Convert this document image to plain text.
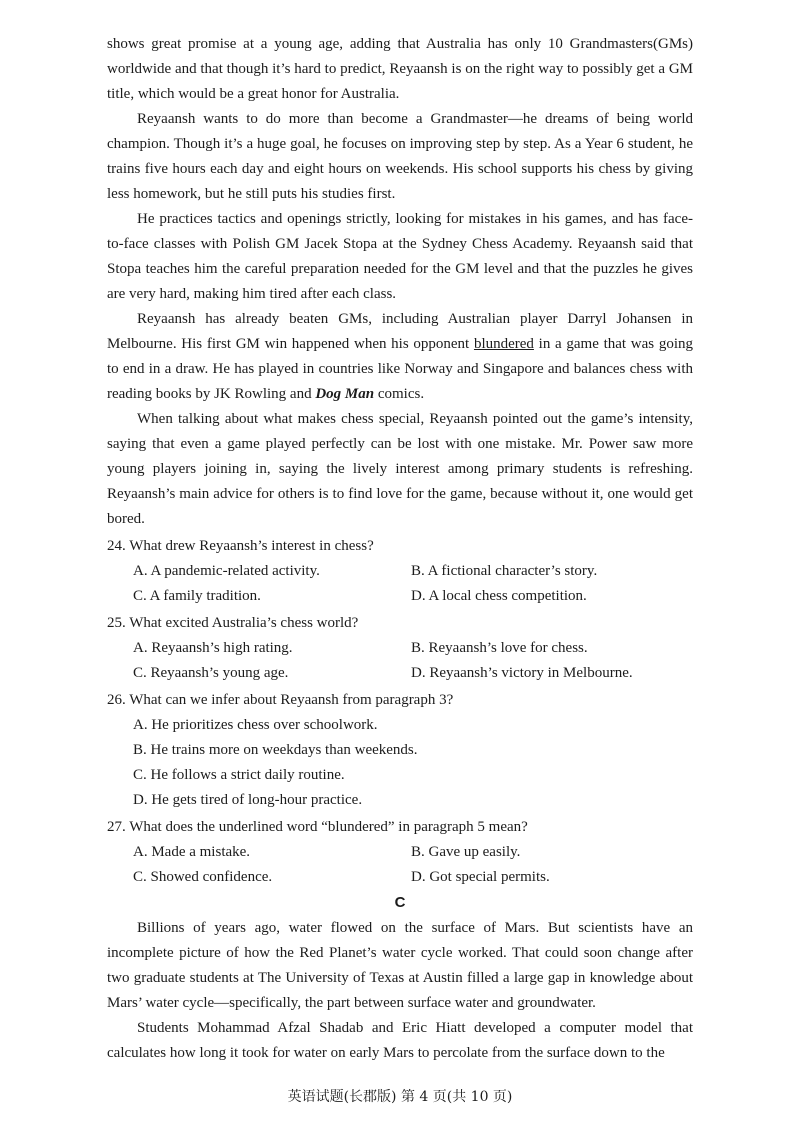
shows great promise at a young age, adding that Australia has only 10 Grandmasters(GMs) worldwide and that though it’s hard to predict, Reyaansh is on the right way to possibly get a GM title, which would be a great honor for Australia.

Reyaansh wants to do more than become a Grandmaster—he dreams of being world champion. Though it’s a huge goal, he focuses on improving step by step. As a Year 6 student, he trains five hours each day and eight hours on weekends. His school supports his chess by giving less homework, but he still puts his studies first.

He practices tactics and openings strictly, looking for mistakes in his games, and has face-to-face classes with Polish GM Jacek Stopa at the Sydney Chess Academy. Reyaansh said that Stopa teaches him the careful preparation needed for the GM level and that the puzzles he gives are very hard, making him tired after each class.

Reyaansh has already beaten GMs, including Australian player Darryl Johansen in Melbourne. His first GM win happened when his opponent blundered in a game that was going to end in a draw. He has played in countries like Norway and Singapore and balances chess with reading books by JK Rowling and Dog Man comics.

When talking about what makes chess special, Reyaansh pointed out the game’s intensity, saying that even a game played perfectly can be lost with one mistake. Mr. Power saw more young players joining in, saying the lively interest among primary students is refreshing. Reyaansh’s main advice for others is to find love for the game, because without it, one would get bored.

24. What drew Reyaansh’s interest in chess?
A. A pandemic-related activity.	B. A fictional character’s story.
C. A family tradition.	D. A local chess competition.
25. What excited Australia’s chess world?
A. Reyaansh’s high rating.	B. Reyaansh’s love for chess.
C. Reyaansh’s young age.	D. Reyaansh’s victory in Melbourne.
26. What can we infer about Reyaansh from paragraph 3?
A. He prioritizes chess over schoolwork.
B. He trains more on weekdays than weekends.
C. He follows a strict daily routine.
D. He gets tired of long-hour practice.
27. What does the underlined word “blundered” in paragraph 5 mean?
A. Made a mistake.	B. Gave up easily.
C. Showed confidence.	D. Got special permits.
C

Billions of years ago, water flowed on the surface of Mars. But scientists have an incomplete picture of how the Red Planet’s water cycle worked. That could soon change after two graduate students at The University of Texas at Austin filled a large gap in knowledge about Mars’ water cycle—specifically, the part between surface water and groundwater.

Students Mohammad Afzal Shadab and Eric Hiatt developed a computer model that calculates how long it took for water on early Mars to percolate from the surface down to the

英语试题(长郡版) 第 4 页(共 10 页)
